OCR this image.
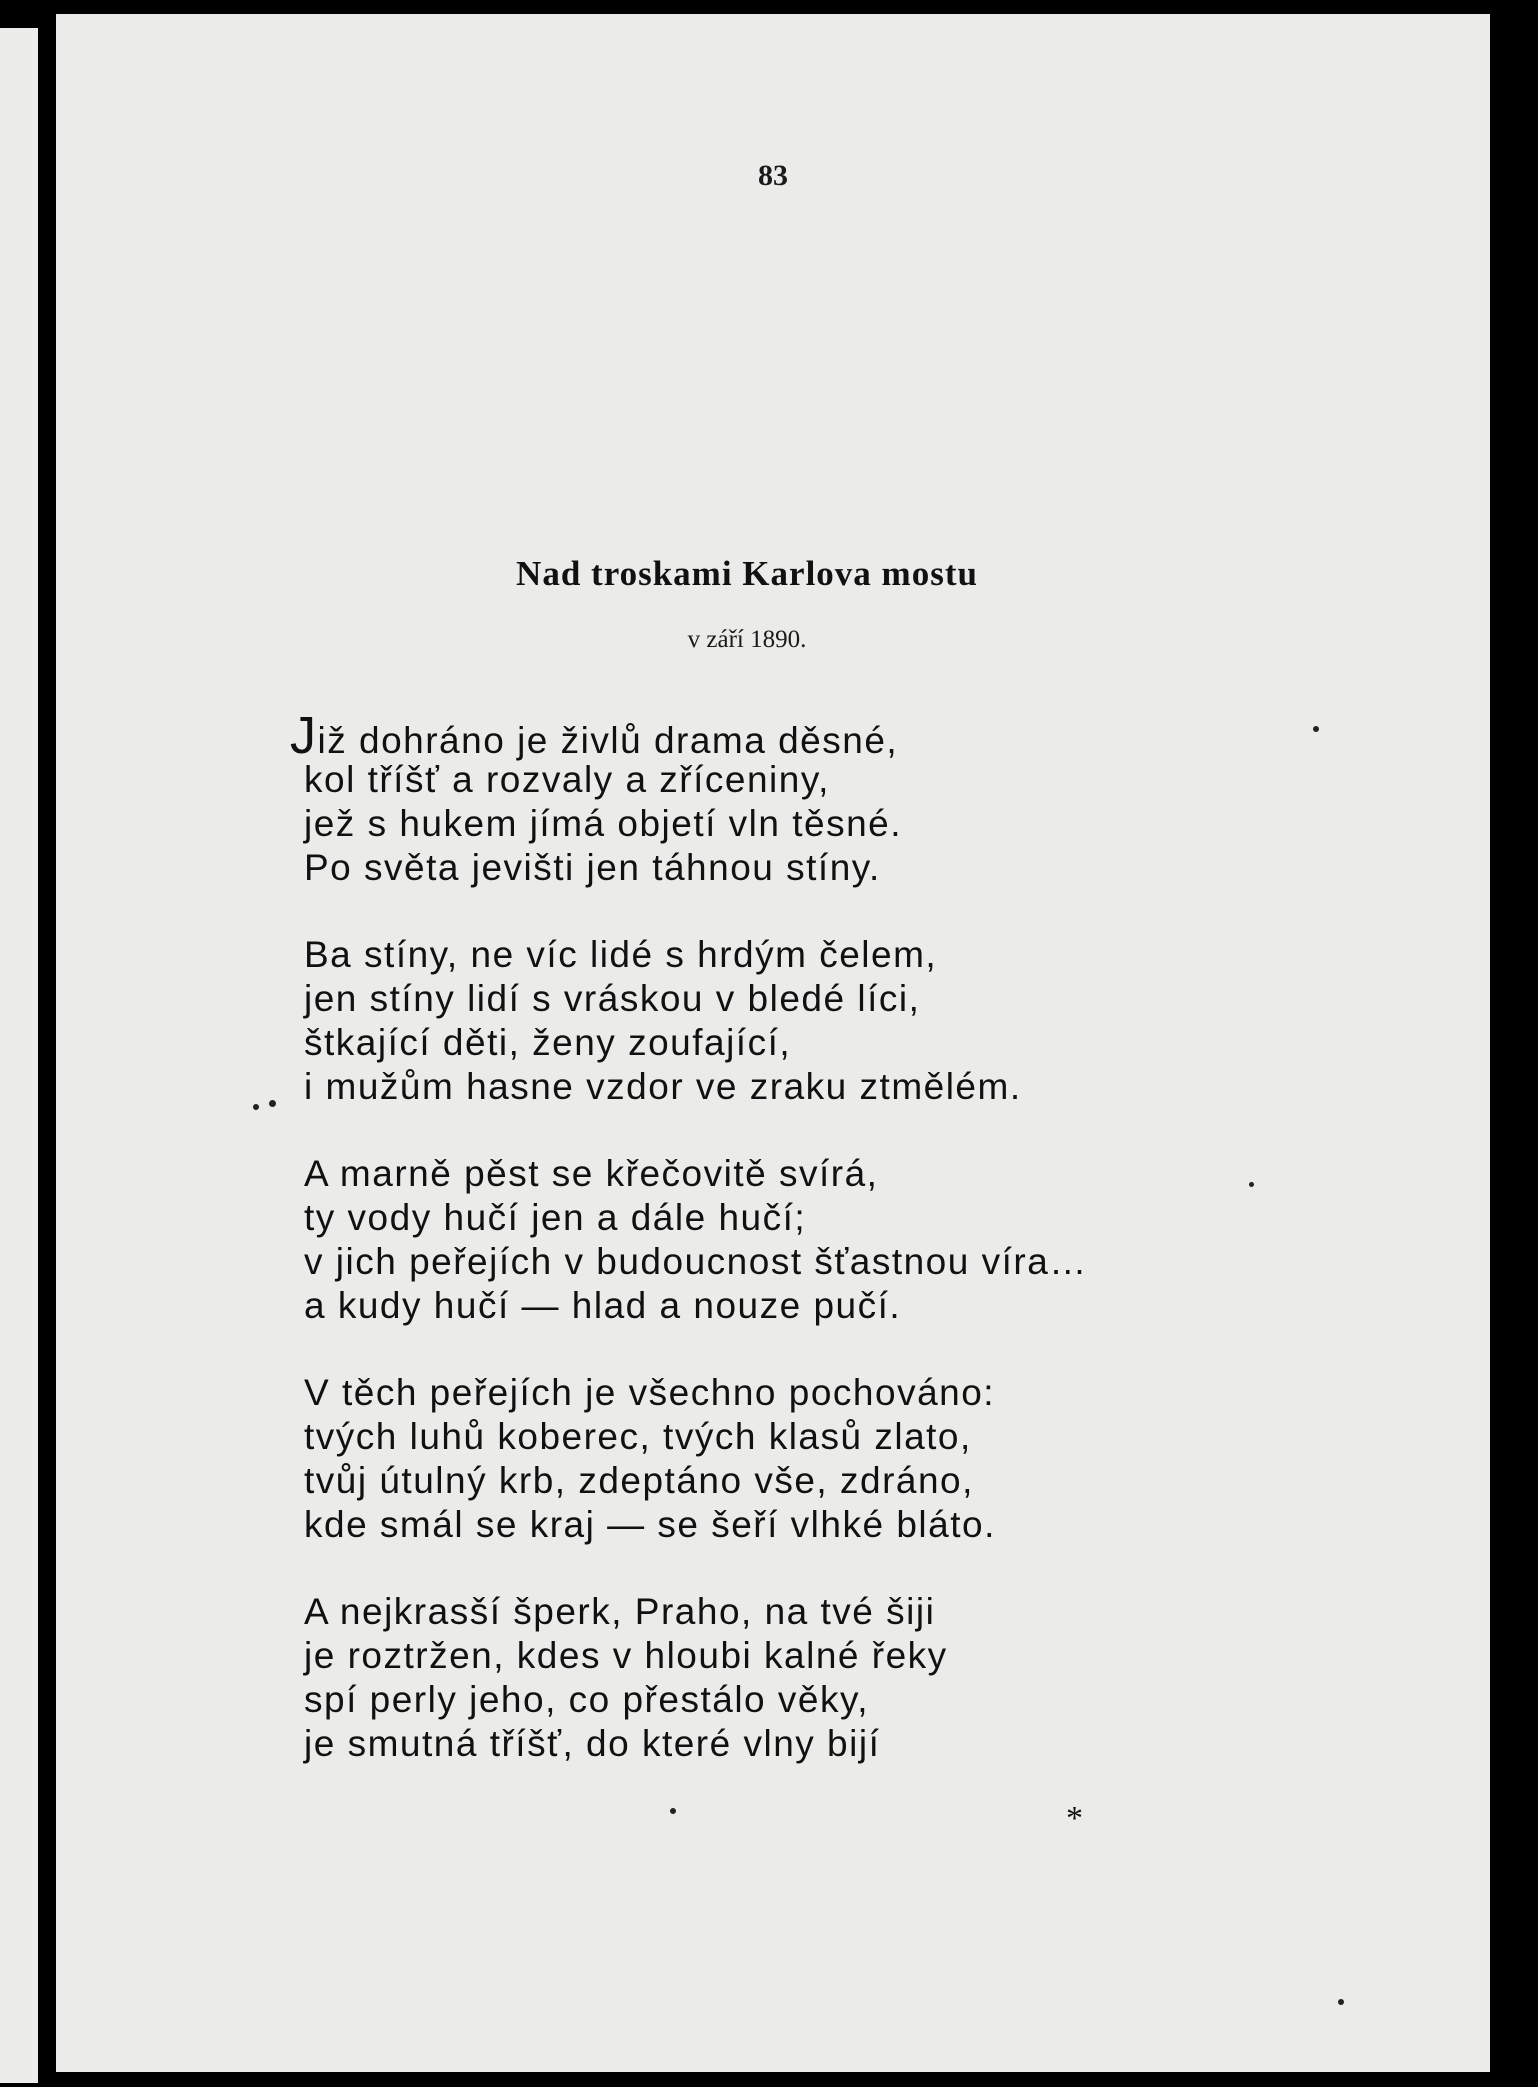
83
Nad troskami Karlova mostu
v září 1890.
Již dohráno je živlů drama děsné,
kol tříšť a rozvaly a zříceniny,
jež s hukem jímá objetí vln těsné.
Po světa jevišti jen táhnou stíny.
Ba stíny, ne víc lidé s hrdým čelem,
jen stíny lidí s vráskou v bledé líci,
štkající děti, ženy zoufající,
i mužům hasne vzdor ve zraku ztmělém.
A marně pěst se křečovitě svírá,
ty vody hučí jen a dále hučí;
v jich peřejích v budoucnost šťastnou víra…
a kudy hučí — hlad a nouze pučí.
V těch peřejích je všechno pochováno:
tvých luhů koberec, tvých klasů zlato,
tvůj útulný krb, zdeptáno vše, zdráno,
kde smál se kraj — se šeří vlhké bláto.
A nejkrasší šperk, Praho, na tvé šiji
je roztržen, kdes v hloubi kalné řeky
spí perly jeho, co přestálo věky,
je smutná tříšť, do které vlny bijí
*
